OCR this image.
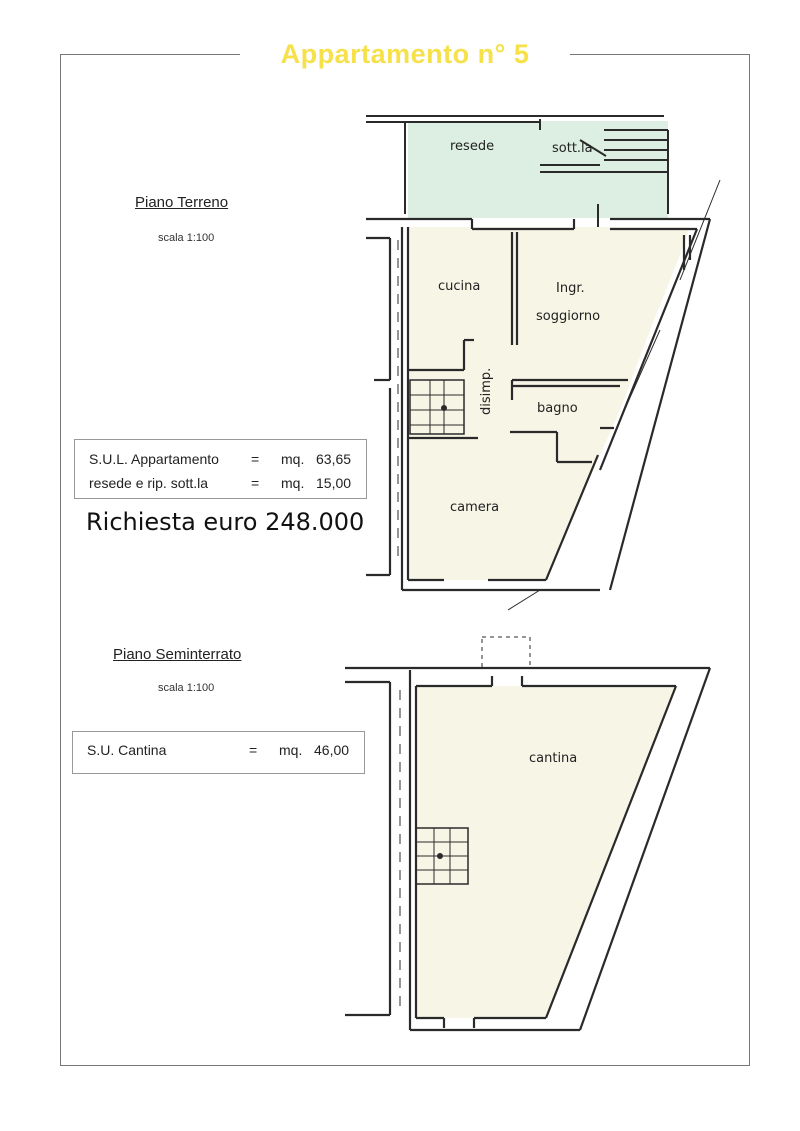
Appartamento n° 5
Piano Terreno
scala 1:100
S.U.L. Appartamento = mq. 63,65
resede e rip. sott.la	= mq. 15,00
Richiesta euro 248.000
Piano Seminterrato
scala 1:100
S.U. Cantina	= mq. 46,00
resede	sott.la
cucina	Ingr.
soggiorno
disimp.	bagno
camera
cantina
